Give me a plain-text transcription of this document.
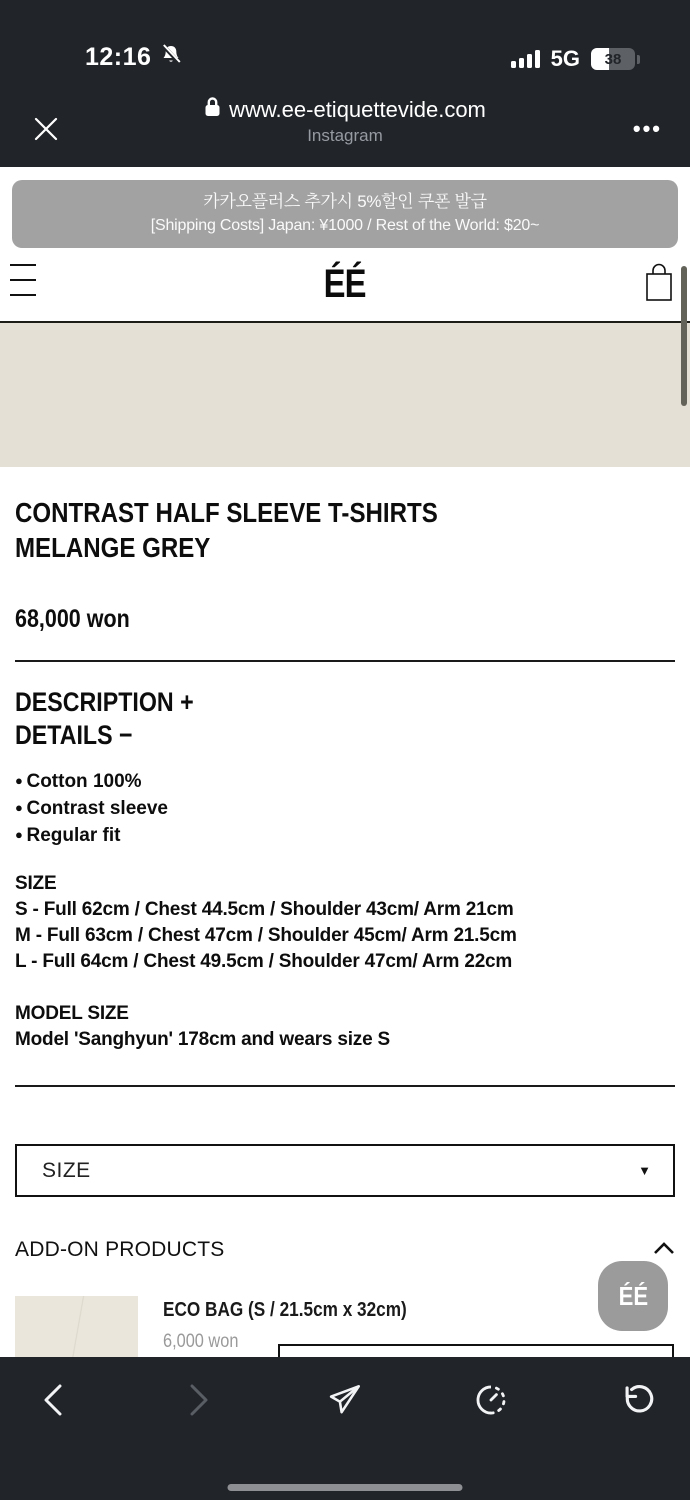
12:16	5G 38
www.ee-etiquettevide.com
Instagram	•••
카카오플러스 추가시 5%할인 쿠폰 발급
[Shipping Costs] Japan: ¥1000 / Rest of the World: $20~
ÉÉ
CONTRAST HALF SLEEVE T-SHIRTS
MELANGE GREY
68,000 won
DESCRIPTION +
DETAILS −
● Cotton 100%
● Contrast sleeve
● Regular fit
SIZE
S - Full 62cm / Chest 44.5cm / Shoulder 43cm/ Arm 21cm
M - Full 63cm / Chest 47cm / Shoulder 45cm/ Arm 21.5cm
L - Full 64cm / Chest 49.5cm / Shoulder 47cm/ Arm 22cm
MODEL SIZE
Model 'Sanghyun' 178cm and wears size S
SIZE	▼
ADD-ON PRODUCTS
ECO BAG (S / 21.5cm x 32cm)
6,000 won
ÉÉ
